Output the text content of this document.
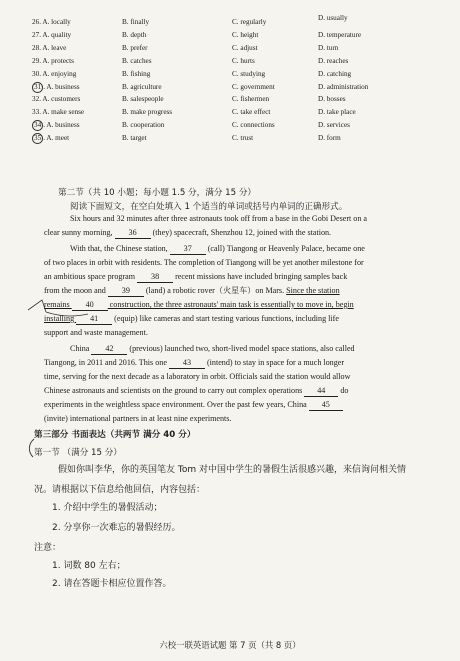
26. A. locally	B. finally	C. regularly	D. usually
27. A. quality	B. depth	C. height	D. temperature
28. A. leave	B. prefer	C. adjust	D. turn
29. A. protects	B. catches	C. hurts	D. reaches
30. A. enjoying	B. fishing	C. studying	D. catching
31 . A. business	B. agriculture	C. government	D. administration
32. A. customers	B. salespeople	C. fishermen	D. bosses
33. A. make sense	B. make progress	C. take effect	D. take place
34 . A. business	B. cooperation	C. connections	D. services
35 . A. meet	B. target	C. trust	D. form
第二节（共 10 小题；每小题 1.5 分，满分 15 分）
阅读下面短文，在空白处填入 1 个适当的单词或括号内单词的正确形式。
Six hours and 32 minutes after three astronauts took off from a base in the Gobi Desert on a
clear sunny morning, 36 (they) spacecraft, Shenzhou 12, joined with the station.
With that, the Chinese station, 37 (call) Tiangong or Heavenly Palace, became one
of two places in orbit with residents. The completion of Tiangong will be yet another milestone for
an ambitious space program 38 recent missions have included bringing samples back
from the moon and 39 (land) a robotic rover（火星车）on Mars. Since the station
remains 40 construction, the three astronauts' main task is essentially to move in, begin
installing 41 (equip) like cameras and start testing various functions, including life
support and waste management.
China 42 (previous) launched two, short-lived model space stations, also called
Tiangong, in 2011 and 2016. This one 43 (intend) to stay in space for a much longer
time, serving for the next decade as a laboratory in orbit. Officials said the station would allow
Chinese astronauts and scientists on the ground to carry out complex operations 44 do
experiments in the weightless space environment. Over the past few years, China 45
(invite) international partners in at least nine experiments.
第三部分 书面表达（共两节 满分 40 分）
第一节 （满分 15 分）
假如你叫李华，你的英国笔友 Tom 对中国中学生的暑假生活很感兴趣，来信询问相关情
况。请根据以下信息给他回信，内容包括：
1. 介绍中学生的暑假活动；
2. 分享你一次难忘的暑假经历。
注意：
1. 词数 80 左右；
2. 请在答题卡相应位置作答。
六校一联英语试题 第 7 页（共 8 页）
